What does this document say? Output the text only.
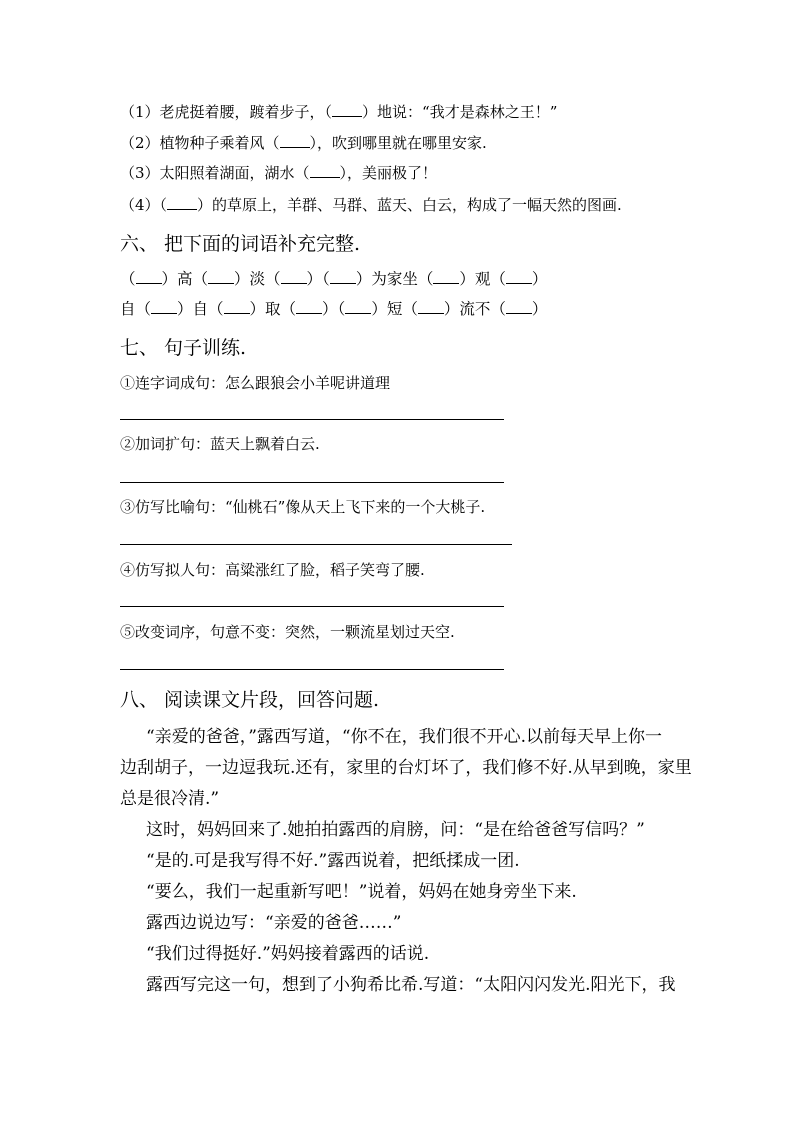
（1）老虎挺着腰，踱着步子，（ ）地说：“我才是森林之王！”
（2）植物种子乘着风（ ），吹到哪里就在哪里安家.
（3）太阳照着湖面，湖水（ ），美丽极了！
（4）（ ）的草原上，羊群、马群、蓝天、白云，构成了一幅天然的图画.
六、 把下面的词语补充完整.
（ ）高（ ）淡（ ）（ ）为家坐（ ）观（ ）
自（ ）自（ ）取（ ）（ ）短（ ）流不（ ）
七、 句子训练.
①连字词成句：怎么跟狼会小羊呢讲道理
②加词扩句：蓝天上飘着白云.
③仿写比喻句：“仙桃石”像从天上飞下来的一个大桃子.
④仿写拟人句：高粱涨红了脸，稻子笑弯了腰.
⑤改变词序，句意不变：突然，一颗流星划过天空.
八、 阅读课文片段，回答问题.
“亲爱的爸爸，”露西写道，“你不在，我们很不开心.以前每天早上你一
边刮胡子，一边逗我玩.还有，家里的台灯坏了，我们修不好.从早到晚，家里
总是很冷清.”
这时，妈妈回来了.她拍拍露西的肩膀，问：“是在给爸爸写信吗？”
“是的.可是我写得不好.”露西说着，把纸揉成一团.
“要么，我们一起重新写吧！”说着，妈妈在她身旁坐下来.
露西边说边写：“亲爱的爸爸……”
“我们过得挺好.”妈妈接着露西的话说.
露西写完这一句，想到了小狗希比希.写道：“太阳闪闪发光.阳光下，我
